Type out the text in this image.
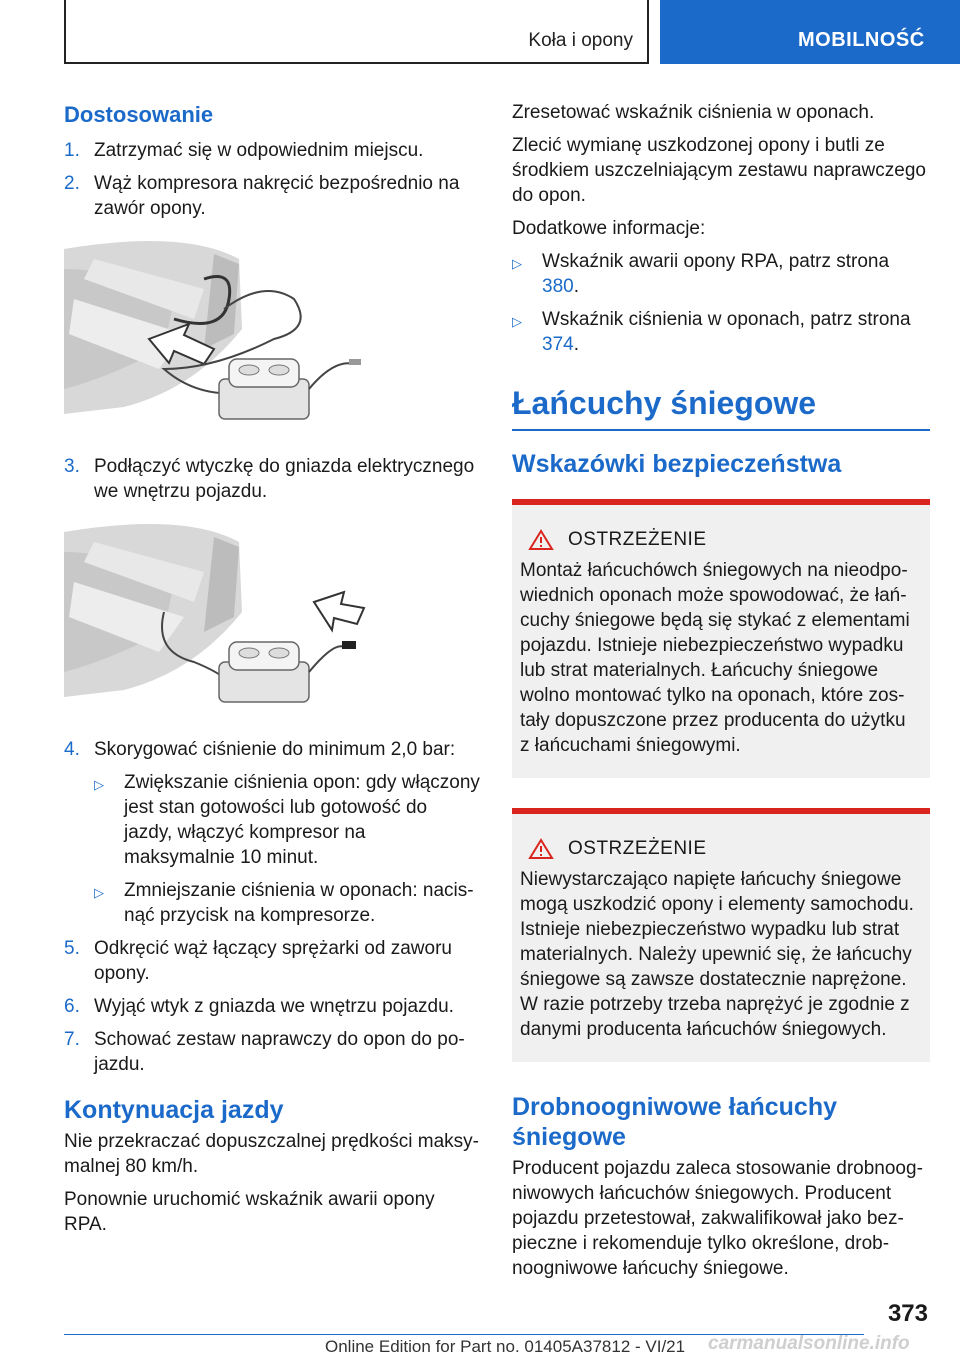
Koła i opony	MOBILNOŚĆ
Dostosowanie
1. Zatrzymać się w odpowiednim miejscu.
2. Wąż kompresora nakręcić bezpośrednio na zawór opony.
3. Podłączyć wtyczkę do gniazda elektrycznego we wnętrzu pojazdu.
4. Skorygować ciśnienie do minimum 2,0 bar:
▷	Zwiększanie ciśnienia opon: gdy włączony jest stan gotowości lub gotowość do jazdy, włączyć kompresor na maksymalnie 10 minut.
▷	Zmniejszanie ciśnienia w oponach: nacisnąć przycisk na kompresorze.
5. Odkręcić wąż łączący sprężarki od zaworu opony.
6. Wyjąć wtyk z gniazda we wnętrzu pojazdu.
7. Schować zestaw naprawczy do opon do pojazdu.
Kontynuacja jazdy

Nie przekraczać dopuszczalnej prędkości maksymalnej 80 km/h.

Ponownie uruchomić wskaźnik awarii opony RPA.

Zresetować wskaźnik ciśnienia w oponach.

Zlecić wymianę uszkodzonej opony i butli ze środkiem uszczelniającym zestawu naprawczego do opon.

Dodatkowe informacje:

▷	Wskaźnik awarii opony RPA, patrz strona 380.
▷	Wskaźnik ciśnienia w oponach, patrz strona 374.
Łańcuchy śniegowe
Wskazówki bezpieczeństwa
OSTRZEŻENIE
Montaż łańcuchówch śniegowych na nieodpowiednich oponach może spowodować, że łańcuchy śniegowe będą się stykać z elementami pojazdu. Istnieje niebezpieczeństwo wypadku lub strat materialnych. Łańcuchy śniegowe wolno montować tylko na oponach, które zostały dopuszczone przez producenta do użytku z łańcuchami śniegowymi.
OSTRZEŻENIE
Niewystarczająco napięte łańcuchy śniegowe mogą uszkodzić opony i elementy samochodu. Istnieje niebezpieczeństwo wypadku lub strat materialnych. Należy upewnić się, że łańcuchy śniegowe są zawsze dostatecznie naprężone. W razie potrzeby trzeba naprężyć je zgodnie z danymi producenta łańcuchów śniegowych.
Drobnoogniwowe łańcuchy śniegowe

Producent pojazdu zaleca stosowanie drobnoogniwowych łańcuchów śniegowych. Producent pojazdu przetestował, zakwalifikował jako bezpieczne i rekomenduje tylko określone, drobnoogniwowe łańcuchy śniegowe.

373
Online Edition for Part no. 01405A37812 - VI/21 carmanualsonline.info
